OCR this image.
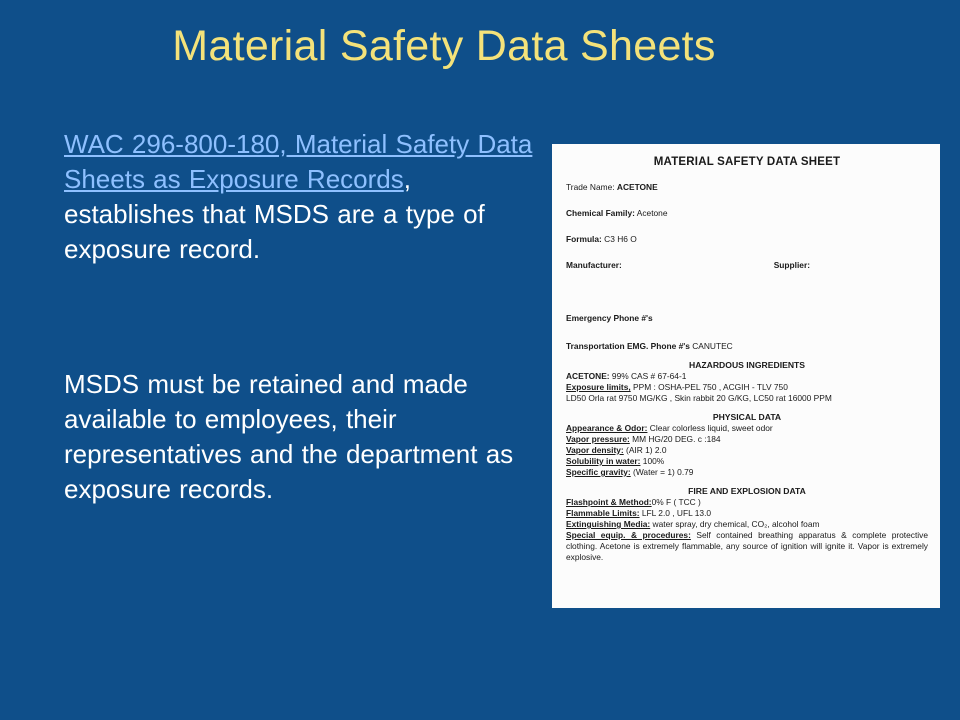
Material Safety Data Sheets

WAC 296-800-180, Material Safety Data Sheets as Exposure Records, establishes that MSDS are a type of exposure record.

MSDS must be retained and made available to employees, their representatives and the department as exposure records.

MATERIAL SAFETY DATA SHEET
Trade Name: ACETONE
Chemical Family: Acetone
Formula: C3 H6 O
Manufacturer:	Supplier:
Emergency Phone #'s
Transportation EMG. Phone #'s CANUTEC
HAZARDOUS INGREDIENTS
ACETONE: 99% CAS # 67-64-1
Exposure limits, PPM : OSHA-PEL 750 , ACGIH - TLV 750
LD50 Orla rat 9750 MG/KG , Skin rabbit 20 G/KG, LC50 rat 16000 PPM
PHYSICAL DATA
Appearance & Odor: Clear colorless liquid, sweet odor
Vapor pressure: MM HG/20 DEG. c :184
Vapor density: (AIR 1) 2.0
Solubility in water: 100%
Specific gravity: (Water = 1) 0.79
FIRE AND EXPLOSION DATA
Flashpoint & Method:0% F ( TCC )
Flammable Limits: LFL 2.0 , UFL 13.0
Extinguishing Media: water spray, dry chemical, CO₂, alcohol foam
Special equip. & procedures: Self contained breathing apparatus & complete protective clothing. Acetone is extremely flammable, any source of ignition will ignite it. Vapor is extremely explosive.
